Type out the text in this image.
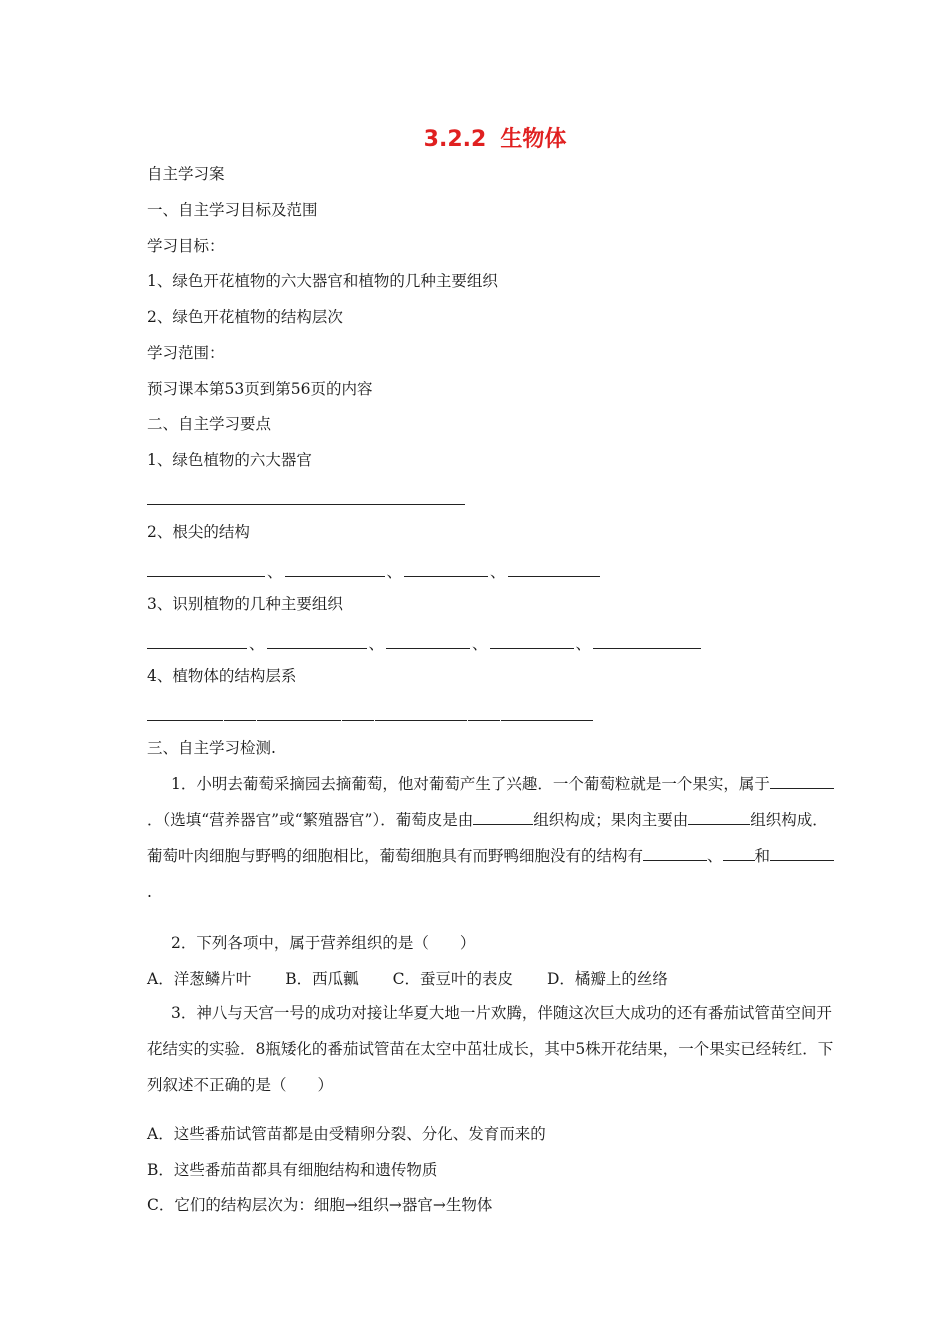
3.2.2 生物体
自主学习案
一、自主学习目标及范围
学习目标：
1、绿色开花植物的六大器官和植物的几种主要组织
2、绿色开花植物的结构层次
学习范围：
预习课本第53页到第56页的内容
二、自主学习要点
1、绿色植物的六大器官
2、根尖的结构
、	、	、
3、识别植物的几种主要组织
、	、	、	、
4、植物体的结构层系
三、自主学习检测.
1．小明去葡萄采摘园去摘葡萄，他对葡萄产生了兴趣．一个葡萄粒就是一个果实，属于．（选填“营养器官”或“繁殖器官”）．葡萄皮是由	组织构成；果肉主要由	组织构成．葡萄叶肉细胞与野鸭的细胞相比，葡萄细胞具有而野鸭细胞没有的结构有	、 和.
2．下列各项中，属于营养组织的是（　　）
A．洋葱鳞片叶 B．西瓜瓤 C．蚕豆叶的表皮 D．橘瓣上的丝络
3．神八与天宫一号的成功对接让华夏大地一片欢腾，伴随这次巨大成功的还有番茄试管苗空间开花结实的实验．8瓶矮化的番茄试管苗在太空中茁壮成长，其中5株开花结果，一个果实已经转红．下列叙述不正确的是（　　）
A．这些番茄试管苗都是由受精卵分裂、分化、发育而来的
B．这些番茄苗都具有细胞结构和遗传物质
C．它们的结构层次为：细胞→组织→器官→生物体
